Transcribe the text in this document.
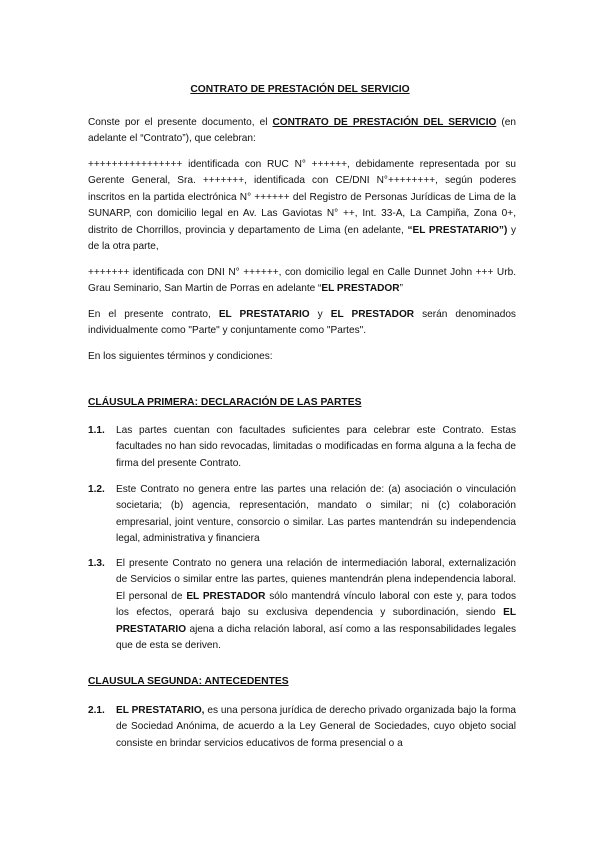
CONTRATO DE PRESTACIÓN DEL SERVICIO

Conste por el presente documento, el CONTRATO DE PRESTACIÓN DEL SERVICIO (en adelante el “Contrato”), que celebran:

++++++++++++++++ identificada con RUC N° ++++++, debidamente representada por su Gerente General, Sra. +++++++, identificada con CE/DNI N°++++++++, según poderes inscritos en la partida electrónica N° ++++++ del Registro de Personas Jurídicas de Lima de la SUNARP, con domicilio legal en Av. Las Gaviotas N° ++, Int. 33-A, La Campiña, Zona 0+, distrito de Chorrillos, provincia y departamento de Lima (en adelante, “EL PRESTATARIO”) y de la otra parte,

+++++++ identificada con DNI N° ++++++, con domicilio legal en Calle Dunnet John +++ Urb. Grau Seminario, San Martin de Porras en adelante “EL PRESTADOR”

En el presente contrato, EL PRESTATARIO y EL PRESTADOR serán denominados individualmente como "Parte" y conjuntamente como "Partes".

En los siguientes términos y condiciones:

CLÁUSULA PRIMERA: DECLARACIÓN DE LAS PARTES
1.1. Las partes cuentan con facultades suficientes para celebrar este Contrato. Estas facultades no han sido revocadas, limitadas o modificadas en forma alguna a la fecha de firma del presente Contrato.

1.2. Este Contrato no genera entre las partes una relación de: (a) asociación o vinculación societaria; (b) agencia, representación, mandato o similar; ni (c) colaboración empresarial, joint venture, consorcio o similar. Las partes mantendrán su independencia legal, administrativa y financiera

1.3. El presente Contrato no genera una relación de intermediación laboral, externalización de Servicios o similar entre las partes, quienes mantendrán plena independencia laboral. El personal de EL PRESTADOR sólo mantendrá vínculo laboral con este y, para todos los efectos, operará bajo su exclusiva dependencia y subordinación, siendo EL PRESTATARIO ajena a dicha relación laboral, así como a las responsabilidades legales que de esta se deriven.

CLAUSULA SEGUNDA: ANTECEDENTES
2.1. EL PRESTATARIO, es una persona jurídica de derecho privado organizada bajo la forma de Sociedad Anónima, de acuerdo a la Ley General de Sociedades, cuyo objeto social consiste en brindar servicios educativos de forma presencial o a
